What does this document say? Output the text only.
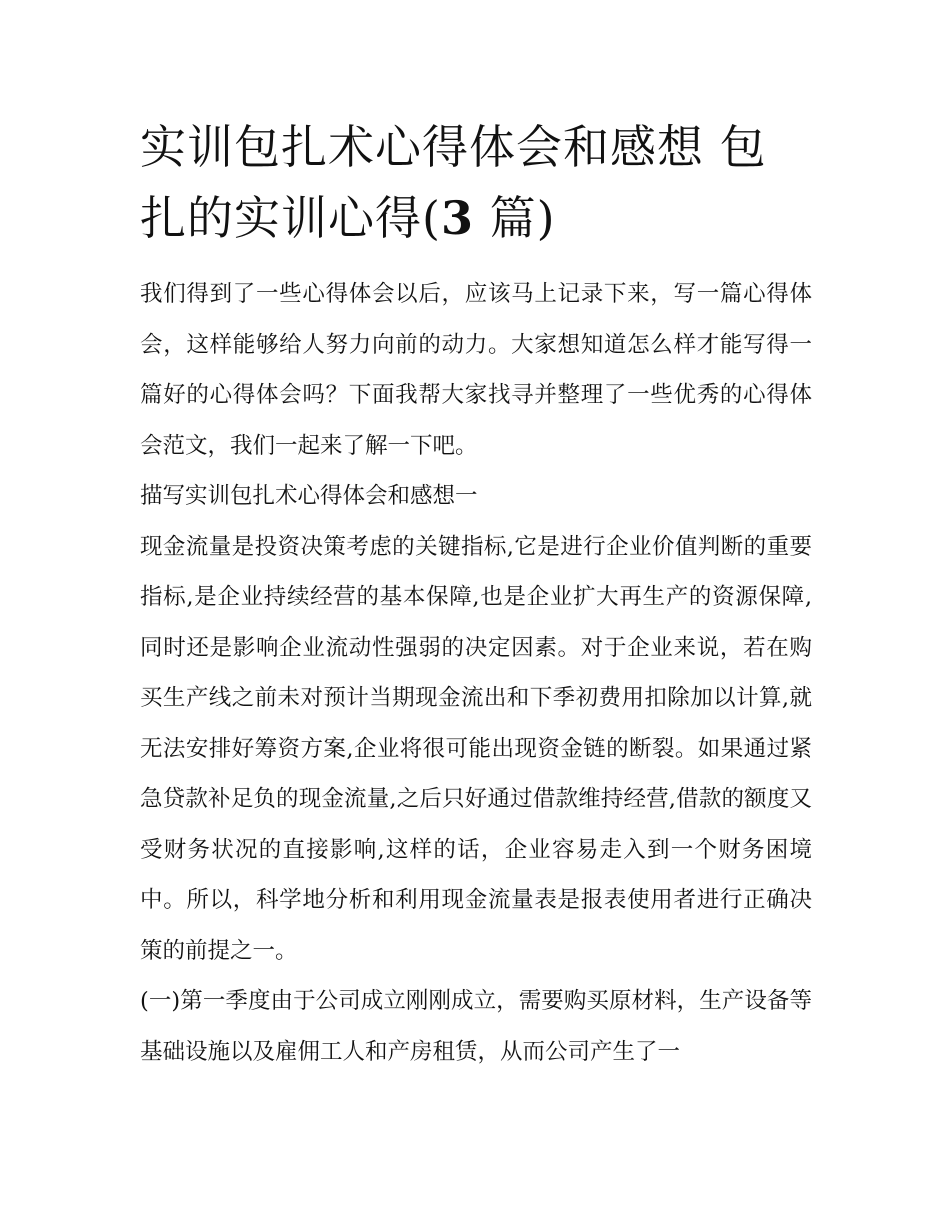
实训包扎术心得体会和感想 包扎的实训心得(3 篇)

我们得到了一些心得体会以后，应该马上记录下来，写一篇心得体会，这样能够给人努力向前的动力。大家想知道怎么样才能写得一篇好的心得体会吗？下面我帮大家找寻并整理了一些优秀的心得体会范文，我们一起来了解一下吧。

描写实训包扎术心得体会和感想一

现金流量是投资决策考虑的关键指标,它是进行企业价值判断的重要指标,是企业持续经营的基本保障,也是企业扩大再生产的资源保障,同时还是影响企业流动性强弱的决定因素。对于企业来说，若在购买生产线之前未对预计当期现金流出和下季初费用扣除加以计算,就无法安排好筹资方案,企业将很可能出现资金链的断裂。如果通过紧急贷款补足负的现金流量,之后只好通过借款维持经营,借款的额度又受财务状况的直接影响,这样的话，企业容易走入到一个财务困境中。所以，科学地分析和利用现金流量表是报表使用者进行正确决策的前提之一。

(一)第一季度由于公司成立刚刚成立，需要购买原材料，生产设备等基础设施以及雇佣工人和产房租赁，从而公司产生了一
